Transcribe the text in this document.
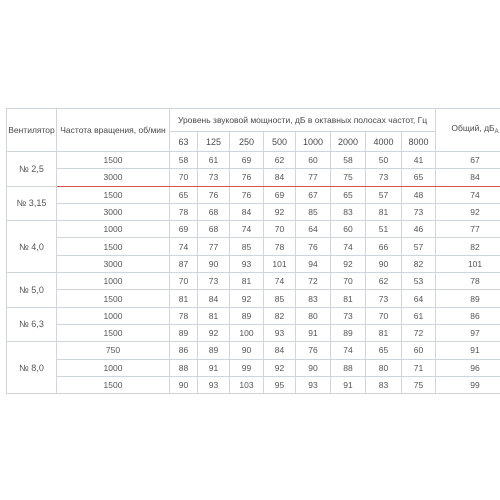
Вентилятор	Частота вращения, об/мин	Уровень звуковой мощности, дБ в октавных полосах частот, Гц								Общий, $дБ_А$
		63	125	250	500	1000	2000	4000	8000	
№ 2,5	1500	58	61	69	62	60	58	50	41	67
	3000	70	73	76	84	77	75	73	65	84
№ 3,15	1500	65	76	76	69	67	65	57	48	74
	3000	78	68	84	92	85	83	81	73	92
№ 4,0	1000	69	68	74	70	64	60	51	46	77
	1500	74	77	85	78	76	74	66	57	82
	3000	87	90	93	101	94	92	90	82	101
№ 5,0	1000	70	73	81	74	72	70	62	53	78
	1500	81	84	92	85	83	81	73	64	89
№ 6,3	1000	78	81	89	82	80	73	70	61	86
	1500	89	92	100	93	91	89	81	72	97
№ 8,0	750	86	89	90	84	76	74	65	60	91
	1000	88	91	99	92	90	88	80	71	96
	1500	90	93	103	95	93	91	83	75	99
